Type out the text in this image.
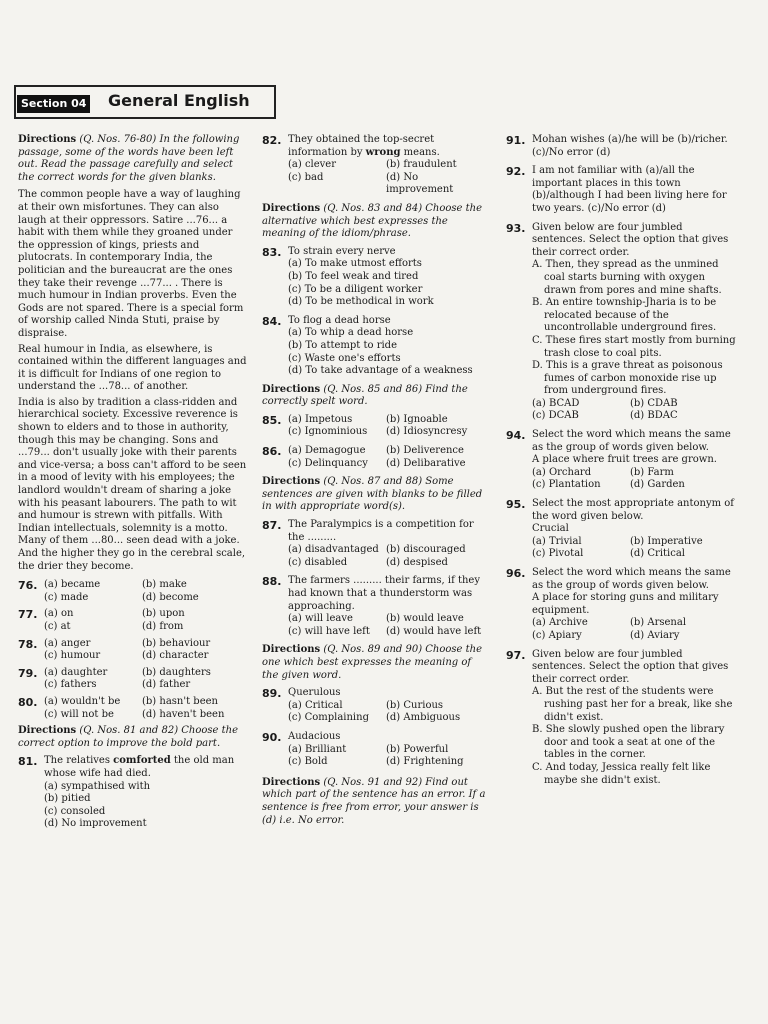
Section 04 General English

Directions (Q. Nos. 76-80) In the following passage, some of the words have been left out. Read the passage carefully and select the correct words for the given blanks.

The common people have a way of laughing at their own misfortunes. They can also laugh at their oppressors. Satire ...76... a habit with them while they groaned under the oppression of kings, priests and plutocrats. In contemporary India, the politician and the bureaucrat are the ones they take their revenge ...77... . There is much humour in Indian proverbs. Even the Gods are not spared. There is a special form of worship called Ninda Stuti, praise by dispraise.

Real humour in India, as elsewhere, is contained within the different languages and it is difficult for Indians of one region to understand the ...78... of another.

India is also by tradition a class-ridden and hierarchical society. Excessive reverence is shown to elders and to those in authority, though this may be changing. Sons and ...79... don't usually joke with their parents and vice-versa; a boss can't afford to be seen in a mood of levity with his employees; the landlord wouldn't dream of sharing a joke with his peasant labourers. The path to wit and humour is strewn with pitfalls. With Indian intellectuals, solemnity is a motto. Many of them ...80... seen dead with a joke. And the higher they go in the cerebral scale, the drier they become.

76. (a) became	(b) make
(c) made	(d) become
77. (a) on	(b) upon
(c) at	(d) from
78. (a) anger	(b) behaviour
(c) humour	(d) character
79. (a) daughter	(b) daughters
(c) fathers	(d) father
80. (a) wouldn't be	(b) hasn't been
(c) will not be	(d) haven't been

Directions (Q. Nos. 81 and 82) Choose the correct option to improve the bold part.

81. The relatives comforted the old man whose wife had died.
(a) sympathised with
(b) pitied
(c) consoled
(d) No improvement
82. They obtained the top-secret information by wrong means.
(a) clever	(b) fraudulent
(c) bad	(d) No improvement

Directions (Q. Nos. 83 and 84) Choose the alternative which best expresses the meaning of the idiom/phrase.

83. To strain every nerve
(a) To make utmost efforts
(b) To feel weak and tired
(c) To be a diligent worker
(d) To be methodical in work
84. To flog a dead horse
(a) To whip a dead horse
(b) To attempt to ride
(c) Waste one's efforts
(d) To take advantage of a weakness

Directions (Q. Nos. 85 and 86) Find the correctly spelt word.

85. (a) Impetous	(b) Ignoable
(c) Ignominious	(d) Idiosyncresy
86. (a) Demagogue	(b) Deliverence
(c) Delinquancy	(d) Delibarative

Directions (Q. Nos. 87 and 88) Some sentences are given with blanks to be filled in with appropriate word(s).

87. The Paralympics is a competition for the .........
(a) disadvantaged (b) discouraged
(c) disabled	(d) despised
88. The farmers ......... their farms, if they had known that a thunderstorm was approaching.
(a) will leave	(b) would leave
(c) will have left	(d) would have left

Directions (Q. Nos. 89 and 90) Choose the one which best expresses the meaning of the given word.

89. Querulous
(a) Critical	(b) Curious
(c) Complaining	(d) Ambiguous
90. Audacious
(a) Brilliant	(b) Powerful
(c) Bold	(d) Frightening

Directions (Q. Nos. 91 and 92) Find out which part of the sentence has an error. If a sentence is free from error, your answer is (d) i.e. No error.

91. Mohan wishes (a)/he will be (b)/richer. (c)/No error (d)
92. I am not familiar with (a)/all the important places in this town (b)/although I had been living here for two years. (c)/No error (d)
93. Given below are four jumbled sentences. Select the option that gives their correct order.
A. Then, they spread as the unmined coal starts burning with oxygen drawn from pores and mine shafts.
B. An entire township-Jharia is to be relocated because of the uncontrollable underground fires.
C. These fires start mostly from burning trash close to coal pits.
D. This is a grave threat as poisonous fumes of carbon monoxide rise up from underground fires.
(a) BCAD	(b) CDAB
(c) DCAB	(d) BDAC
94. Select the word which means the same as the group of words given below.
A place where fruit trees are grown.
(a) Orchard	(b) Farm
(c) Plantation	(d) Garden
95. Select the most appropriate antonym of the word given below.
Crucial
(a) Trivial	(b) Imperative
(c) Pivotal	(d) Critical
96. Select the word which means the same as the group of words given below.
A place for storing guns and military equipment.
(a) Archive	(b) Arsenal
(c) Apiary	(d) Aviary
97. Given below are four jumbled sentences. Select the option that gives their correct order.
A. But the rest of the students were rushing past her for a break, like she didn't exist.
B. She slowly pushed open the library door and took a seat at one of the tables in the corner.
C. And today, Jessica really felt like maybe she didn't exist.
